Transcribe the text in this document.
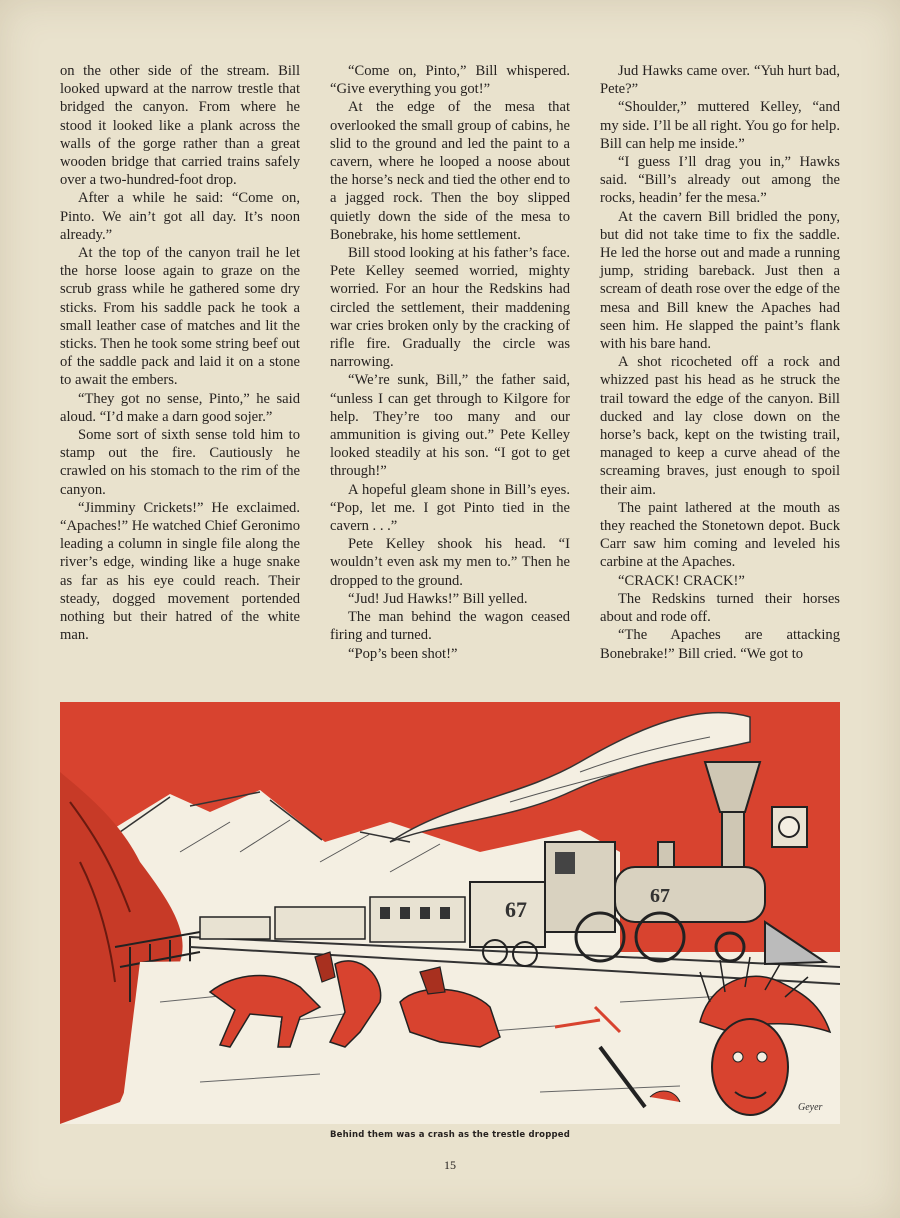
on the other side of the stream. Bill looked upward at the narrow trestle that bridged the canyon. From where he stood it looked like a plank across the walls of the gorge rather than a great wooden bridge that carried trains safely over a two-hundred-foot drop.

After a while he said: “Come on, Pinto. We ain’t got all day. It’s noon already.”

At the top of the canyon trail he let the horse loose again to graze on the scrub grass while he gathered some dry sticks. From his saddle pack he took a small leather case of matches and lit the sticks. Then he took some string beef out of the saddle pack and laid it on a stone to await the embers.

“They got no sense, Pinto,” he said aloud. “I’d make a darn good sojer.”

Some sort of sixth sense told him to stamp out the fire. Cautiously he crawled on his stomach to the rim of the canyon.

“Jimminy Crickets!” He exclaimed. “Apaches!” He watched Chief Geronimo leading a column in single file along the river’s edge, winding like a huge snake as far as his eye could reach. Their steady, dogged movement portended nothing but their hatred of the white man.

“Come on, Pinto,” Bill whispered. “Give everything you got!”

At the edge of the mesa that overlooked the small group of cabins, he slid to the ground and led the paint to a cavern, where he looped a noose about the horse’s neck and tied the other end to a jagged rock. Then the boy slipped quietly down the side of the mesa to Bonebrake, his home settlement.

Bill stood looking at his father’s face. Pete Kelley seemed worried, mighty worried. For an hour the Redskins had circled the settlement, their maddening war cries broken only by the cracking of rifle fire. Gradually the circle was narrowing.

“We’re sunk, Bill,” the father said, “unless I can get through to Kilgore for help. They’re too many and our ammunition is giving out.” Pete Kelley looked steadily at his son. “I got to get through!”

A hopeful gleam shone in Bill’s eyes. “Pop, let me. I got Pinto tied in the cavern . . .”

Pete Kelley shook his head. “I wouldn’t even ask my men to.” Then he dropped to the ground.

“Jud! Jud Hawks!” Bill yelled.

The man behind the wagon ceased firing and turned.

“Pop’s been shot!”

Jud Hawks came over. “Yuh hurt bad, Pete?”

“Shoulder,” muttered Kelley, “and my side. I’ll be all right. You go for help. Bill can help me inside.”

“I guess I’ll drag you in,” Hawks said. “Bill’s already out among the rocks, headin’ fer the mesa.”

At the cavern Bill bridled the pony, but did not take time to fix the saddle. He led the horse out and made a running jump, striding bareback. Just then a scream of death rose over the edge of the mesa and Bill knew the Apaches had seen him. He slapped the paint’s flank with his bare hand.

A shot ricocheted off a rock and whizzed past his head as he struck the trail toward the edge of the canyon. Bill ducked and lay close down on the horse’s back, kept on the twisting trail, managed to keep a curve ahead of the screaming braves, just enough to spoil their aim.

The paint lathered at the mouth as they reached the Stonetown depot. Buck Carr saw him coming and leveled his carbine at the Apaches.

“CRACK! CRACK!”

The Redskins turned their horses about and rode off.

“The Apaches are attacking Bonebrake!” Bill cried. “We got to

67
67
Geyer
Behind them was a crash as the trestle dropped
15
